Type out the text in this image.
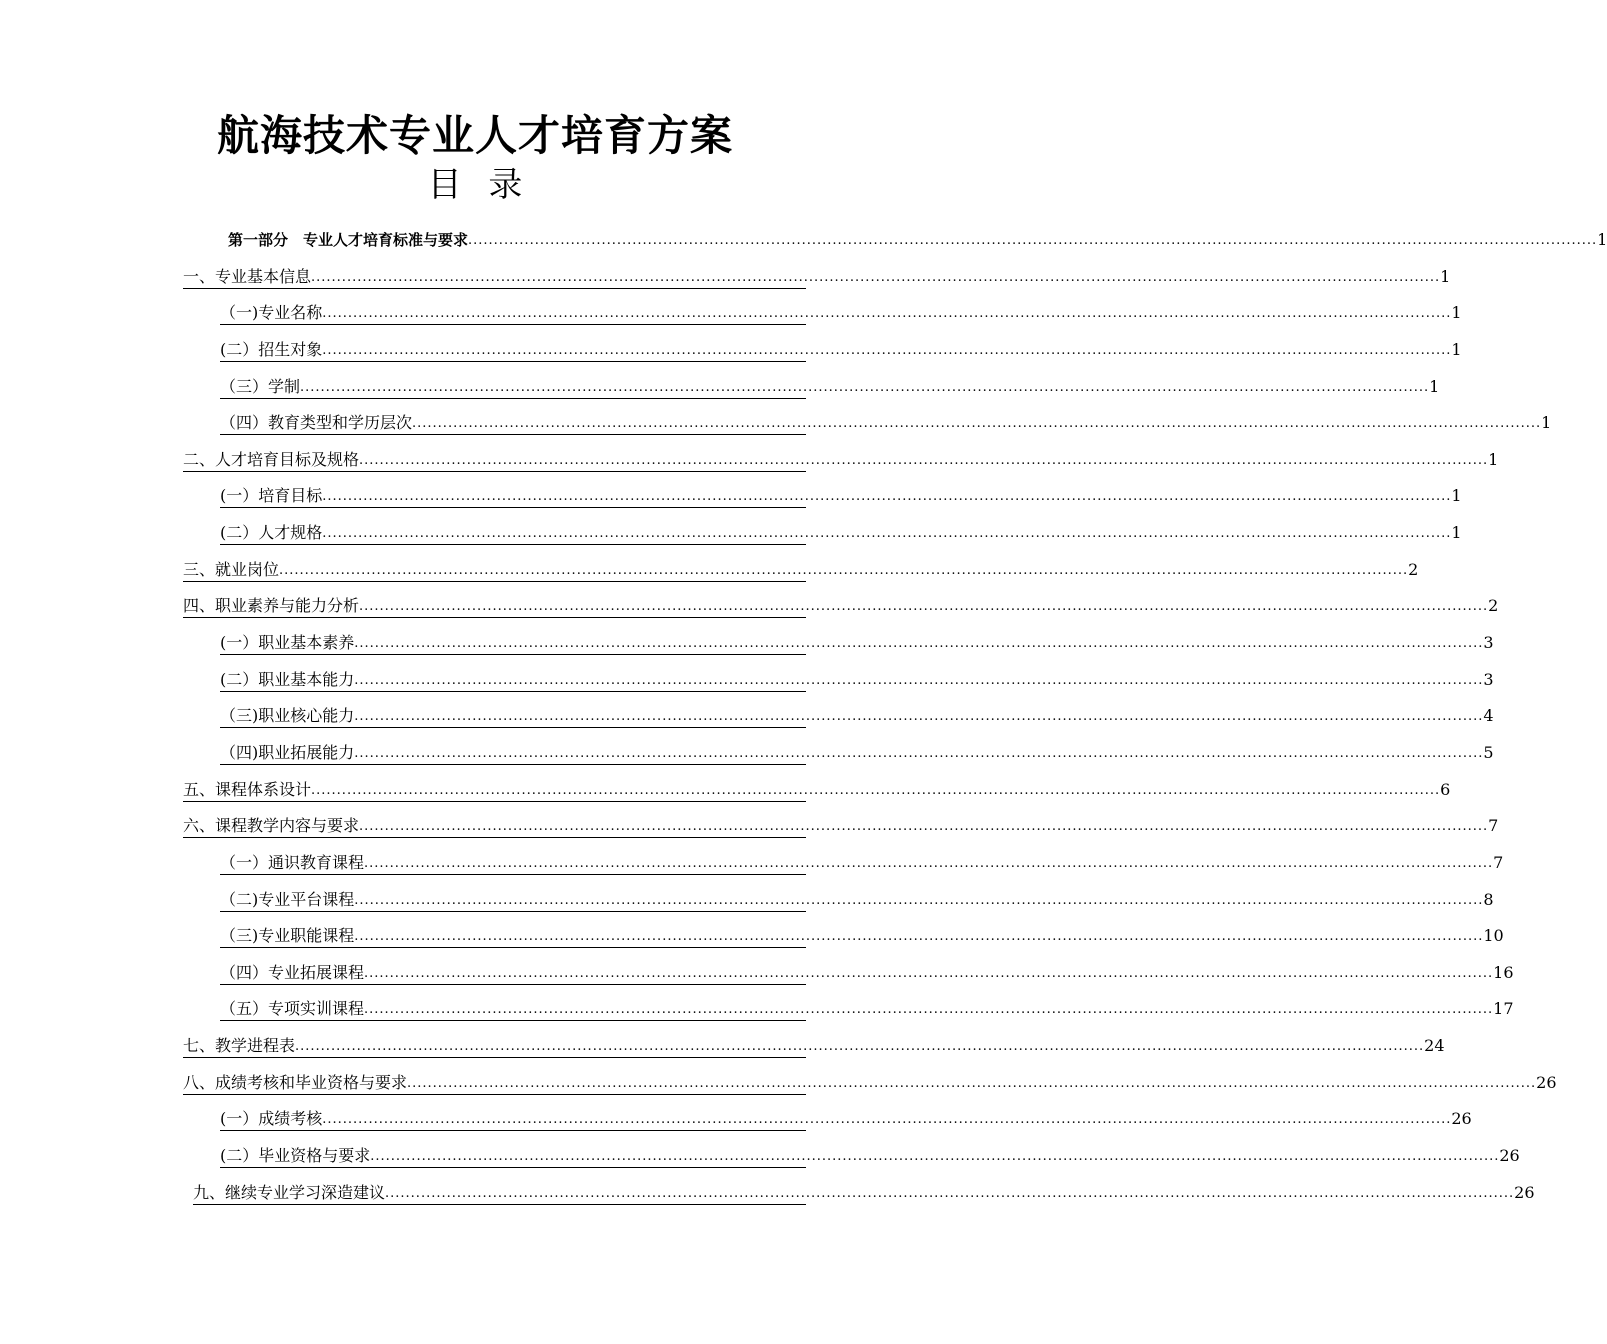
航海技术专业人才培育方案
目 录
第一部分　专业人才培育标准与要求 ............................................................................................................................................................................................................................ 1
一、专业基本信息 ............................................................................................................................................................................................................................ 1
（一)专业名称 ............................................................................................................................................................................................................................ 1
(二）招生对象 ............................................................................................................................................................................................................................ 1
（三）学制 ............................................................................................................................................................................................................................ 1
（四）教育类型和学历层次 ............................................................................................................................................................................................................................ 1
二、人才培育目标及规格 ............................................................................................................................................................................................................................ 1
(一）培育目标 ............................................................................................................................................................................................................................ 1
(二）人才规格 ............................................................................................................................................................................................................................ 1
三、就业岗位 ............................................................................................................................................................................................................................ 2
四、职业素养与能力分析 ............................................................................................................................................................................................................................ 2
(一）职业基本素养 ............................................................................................................................................................................................................................ 3
(二）职业基本能力 ............................................................................................................................................................................................................................ 3
（三)职业核心能力 ............................................................................................................................................................................................................................ 4
（四)职业拓展能力 ............................................................................................................................................................................................................................ 5
五、课程体系设计 ............................................................................................................................................................................................................................ 6
六、课程教学内容与要求 ............................................................................................................................................................................................................................ 7
（一）通识教育课程 ............................................................................................................................................................................................................................ 7
（二)专业平台课程 ............................................................................................................................................................................................................................ 8
（三)专业职能课程 ............................................................................................................................................................................................................................ 10
（四）专业拓展课程 ............................................................................................................................................................................................................................ 16
（五）专项实训课程 ............................................................................................................................................................................................................................ 17
七、教学进程表 ............................................................................................................................................................................................................................ 24
八、成绩考核和毕业资格与要求 ............................................................................................................................................................................................................................ 26
(一）成绩考核 ............................................................................................................................................................................................................................ 26
(二）毕业资格与要求 ............................................................................................................................................................................................................................ 26
九、继续专业学习深造建议 ............................................................................................................................................................................................................................ 26
